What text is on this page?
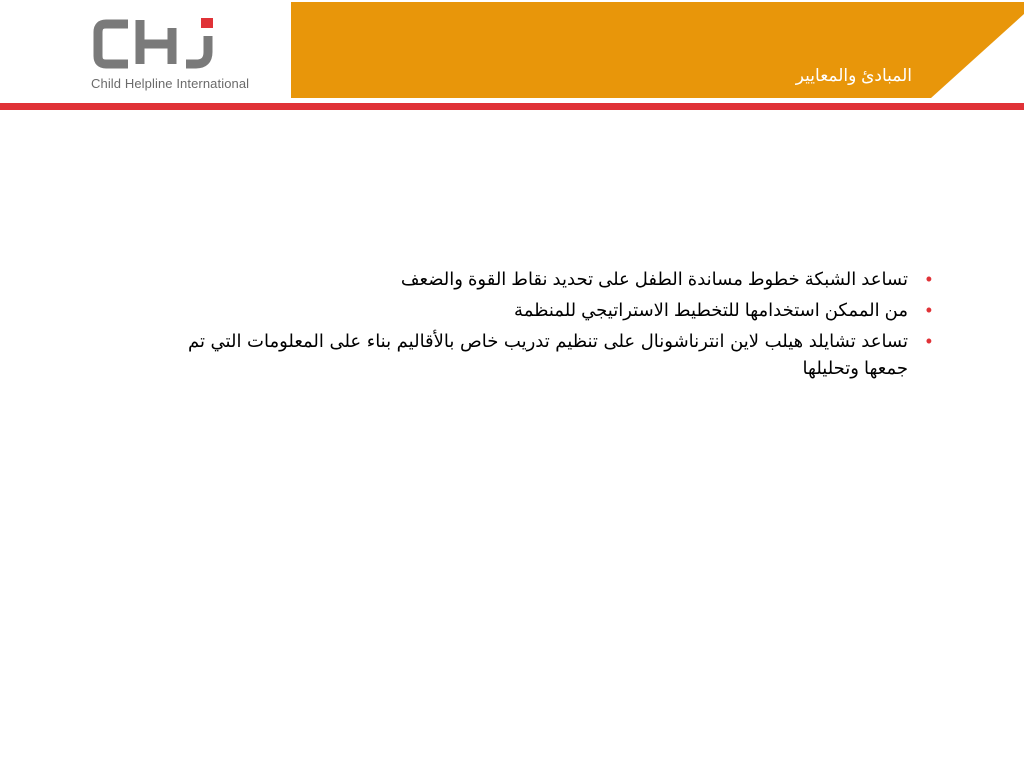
Child Helpline International	المبادئ والمعايير
•
تساعد الشبكة خطوط مساندة الطفل على تحديد نقاط القوة والضعف
•
من الممكن استخدامها للتخطيط الاستراتيجي للمنظمة
•
تساعد تشايلد هيلب لاين انترناشونال على تنظيم تدريب خاص بالأقاليم بناء على المعلومات التي تم جمعها وتحليلها
